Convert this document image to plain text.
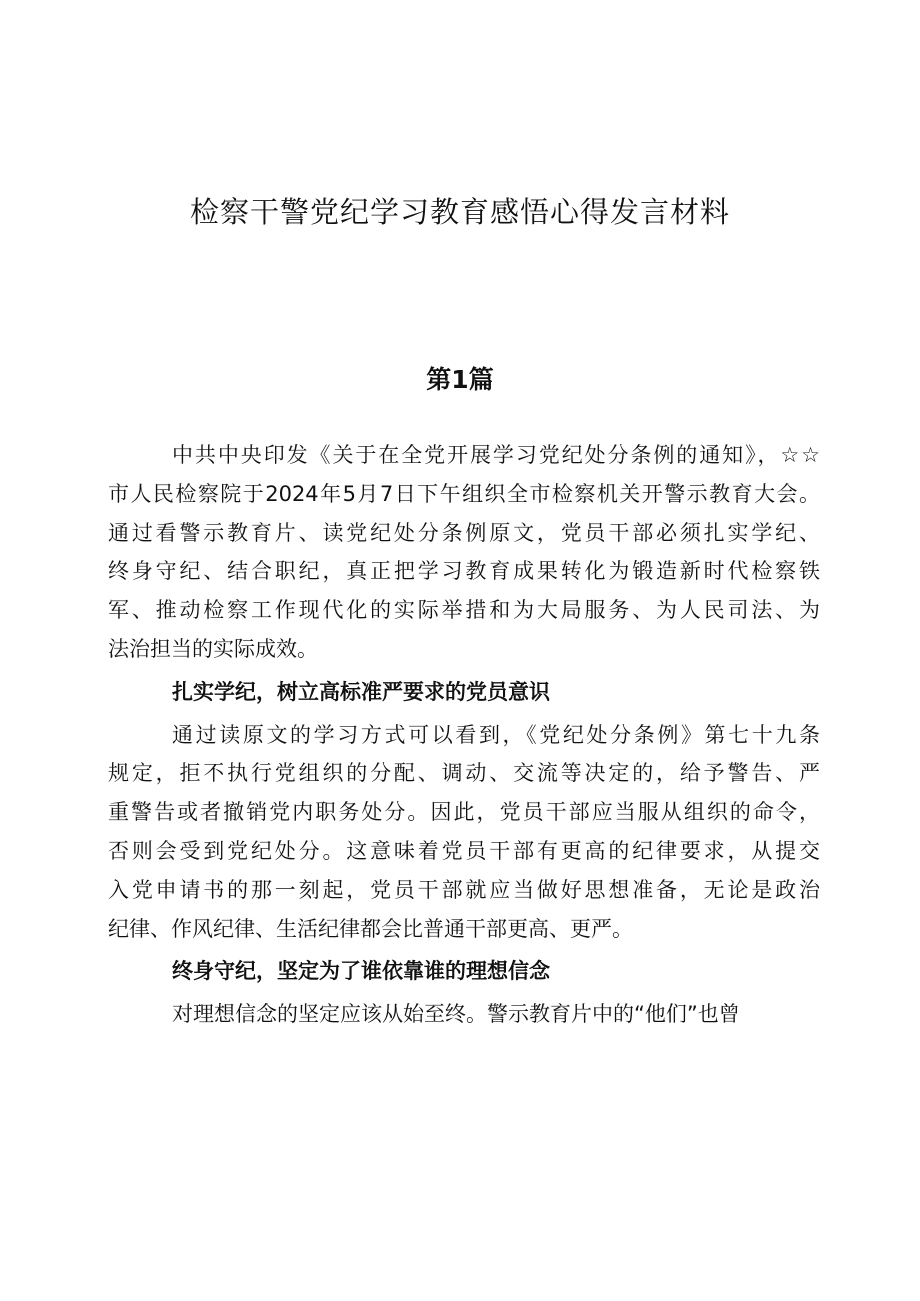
检察干警党纪学习教育感悟心得发言材料
第1篇
中共中央印发《关于在全党开展学习党纪处分条例的通知》，☆☆
市人民检察院于2024年5月7日下午组织全市检察机关开警示教育大会。
通过看警示教育片、读党纪处分条例原文，党员干部必须扎实学纪、
终身守纪、结合职纪，真正把学习教育成果转化为锻造新时代检察铁
军、推动检察工作现代化的实际举措和为大局服务、为人民司法、为
法治担当的实际成效。
扎实学纪，树立高标准严要求的党员意识
通过读原文的学习方式可以看到，《党纪处分条例》第七十九条
规定，拒不执行党组织的分配、调动、交流等决定的，给予警告、严
重警告或者撤销党内职务处分。因此，党员干部应当服从组织的命令，
否则会受到党纪处分。这意味着党员干部有更高的纪律要求，从提交
入党申请书的那一刻起，党员干部就应当做好思想准备，无论是政治
纪律、作风纪律、生活纪律都会比普通干部更高、更严。
终身守纪，坚定为了谁依靠谁的理想信念
对理想信念的坚定应该从始至终。警示教育片中的“他们”也曾
